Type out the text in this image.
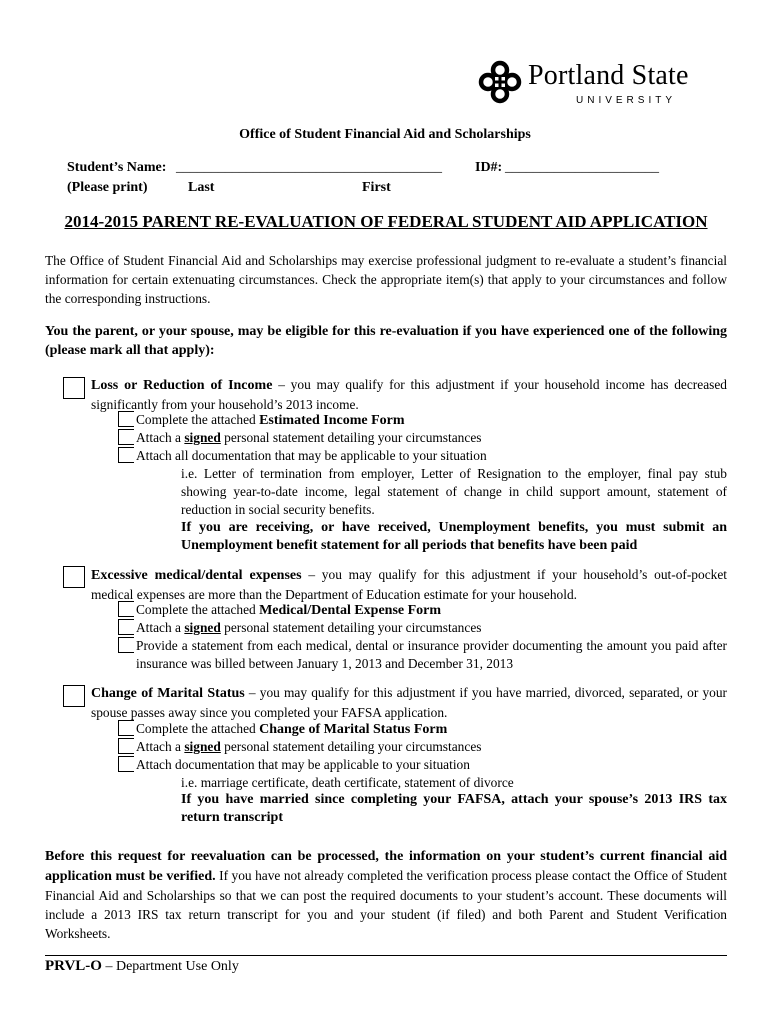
Portland State
UNIVERSITY
Office of Student Financial Aid and Scholarships
Student’s Name: ______________________________________ ID#: ______________________
(Please print)	Last	First
2014-2015 PARENT RE-EVALUATION OF FEDERAL STUDENT AID APPLICATION

The Office of Student Financial Aid and Scholarships may exercise professional judgment to re-evaluate a student’s financial information for certain extenuating circumstances. Check the appropriate item(s) that apply to your circumstances and follow the corresponding instructions.

You the parent, or your spouse, may be eligible for this re-evaluation if you have experienced one of the following (please mark all that apply):

Loss or Reduction of Income – you may qualify for this adjustment if your household income has decreased significantly from your household’s 2013 income.

Complete the attached Estimated Income Form
Attach a signed personal statement detailing your circumstances
Attach all documentation that may be applicable to your situation

i.e. Letter of termination from employer, Letter of Resignation to the employer, final pay stub showing year-to-date income, legal statement of change in child support amount, statement of reduction in social security benefits.

If you are receiving, or have received, Unemployment benefits, you must submit an Unemployment benefit statement for all periods that benefits have been paid

Excessive medical/dental expenses – you may qualify for this adjustment if your household’s out-of-pocket medical expenses are more than the Department of Education estimate for your household.

Complete the attached Medical/Dental Expense Form
Attach a signed personal statement detailing your circumstances

Provide a statement from each medical, dental or insurance provider documenting the amount you paid after insurance was billed between January 1, 2013 and December 31, 2013

Change of Marital Status – you may qualify for this adjustment if you have married, divorced, separated, or your spouse passes away since you completed your FAFSA application.

Complete the attached Change of Marital Status Form
Attach a signed personal statement detailing your circumstances
Attach documentation that may be applicable to your situation
i.e. marriage certificate, death certificate, statement of divorce

If you have married since completing your FAFSA, attach your spouse’s 2013 IRS tax return transcript

Before this request for reevaluation can be processed, the information on your student’s current financial aid application must be verified. If you have not already completed the verification process please contact the Office of Student Financial Aid and Scholarships so that we can post the required documents to your student’s account. These documents will include a 2013 IRS tax return transcript for you and your student (if filed) and both Parent and Student Verification Worksheets.

PRVL-O – Department Use Only
